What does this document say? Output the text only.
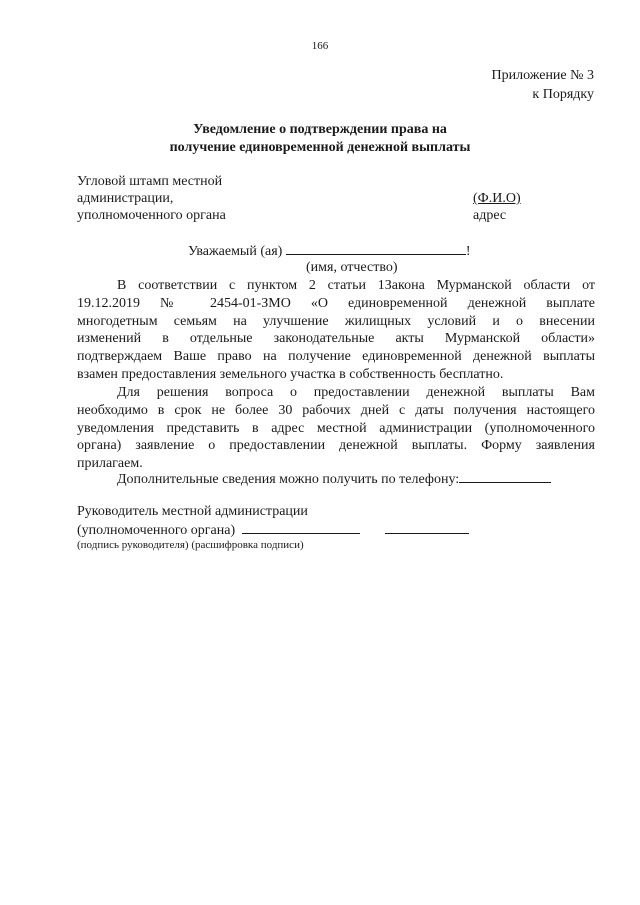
166
Приложение № 3
к Порядку
Уведомление о подтверждении права на
получение единовременной денежной выплаты
Угловой штамп местной
администрации,
уполномоченного органа
(Ф.И.О)
адрес
Уважаемый (ая)	!
(имя, отчество)
В соответствии с пунктом 2 статьи 1Закона Мурманской области от
19.12.2019 № 2454-01-ЗМО «О единовременной денежной выплате
многодетным семьям на улучшение жилищных условий и о внесении
изменений в отдельные законодательные акты Мурманской области»
подтверждаем Ваше право на получение единовременной денежной выплаты
взамен предоставления земельного участка в собственность бесплатно.
Для решения вопроса о предоставлении денежной выплаты Вам
необходимо в срок не более 30 рабочих дней с даты получения настоящего
уведомления представить в адрес местной администрации (уполномоченного
органа) заявление о предоставлении денежной выплаты. Форму заявления
прилагаем.
Дополнительные сведения можно получить по телефону:
Руководитель местной администрации
(уполномоченного органа)
(подпись руководителя) (расшифровка подписи)
